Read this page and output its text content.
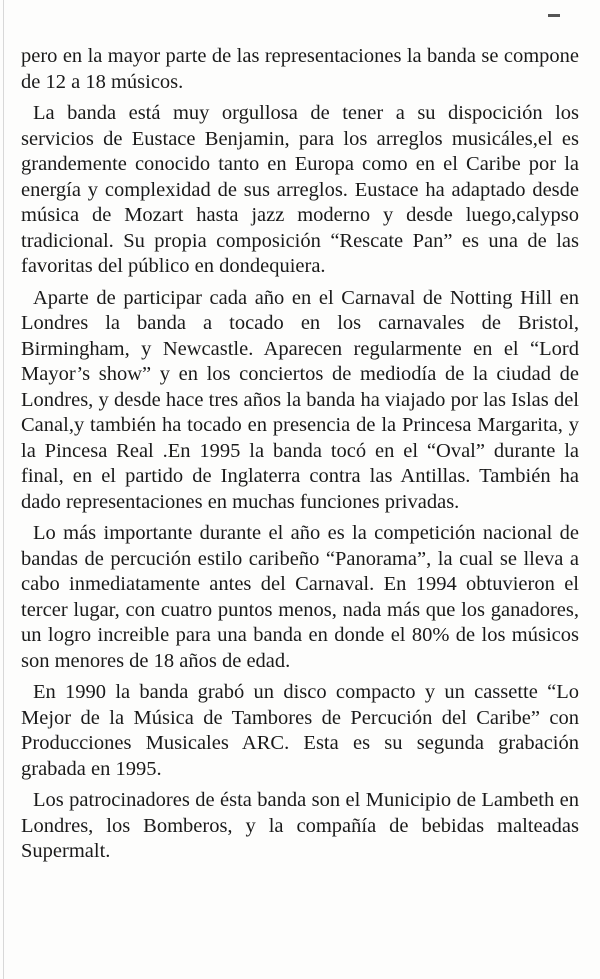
pero en la mayor parte de las representaciones la banda se compone de 12 a 18 músicos.

La banda está muy orgullosa de tener a su dispocición los servicios de Eustace Benjamin, para los arreglos musicáles,el es grandemente conocido tanto en Europa como en el Caribe por la energía y complexidad de sus arreglos. Eustace ha adaptado desde música de Mozart hasta jazz moderno y desde luego,calypso tradicional. Su propia composición “Rescate Pan” es una de las favoritas del público en dondequiera.

Aparte de participar cada año en el Carnaval de Notting Hill en Londres la banda a tocado en los carnavales de Bristol, Birmingham, y Newcastle. Aparecen regularmente en el “Lord Mayor’s show” y en los conciertos de mediodía de la ciudad de Londres, y desde hace tres años la banda ha viajado por las Islas del Canal,y también ha tocado en presencia de la Princesa Margarita, y la Pincesa Real .En 1995 la banda tocó en el “Oval” durante la final, en el partido de Inglaterra contra las Antillas. También ha dado representaciones en muchas funciones privadas.

Lo más importante durante el año es la competición nacional de bandas de percución estilo caribeño “Panorama”, la cual se lleva a cabo inmediatamente antes del Carnaval. En 1994 obtuvieron el tercer lugar, con cuatro puntos menos, nada más que los ganadores, un logro increible para una banda en donde el 80% de los músicos son menores de 18 años de edad.

En 1990 la banda grabó un disco compacto y un cassette “Lo Mejor de la Música de Tambores de Percución del Caribe” con Producciones Musicales ARC. Esta es su segunda grabación grabada en 1995.

Los patrocinadores de ésta banda son el Municipio de Lambeth en Londres, los Bomberos, y la compañía de bebidas malteadas Supermalt.
